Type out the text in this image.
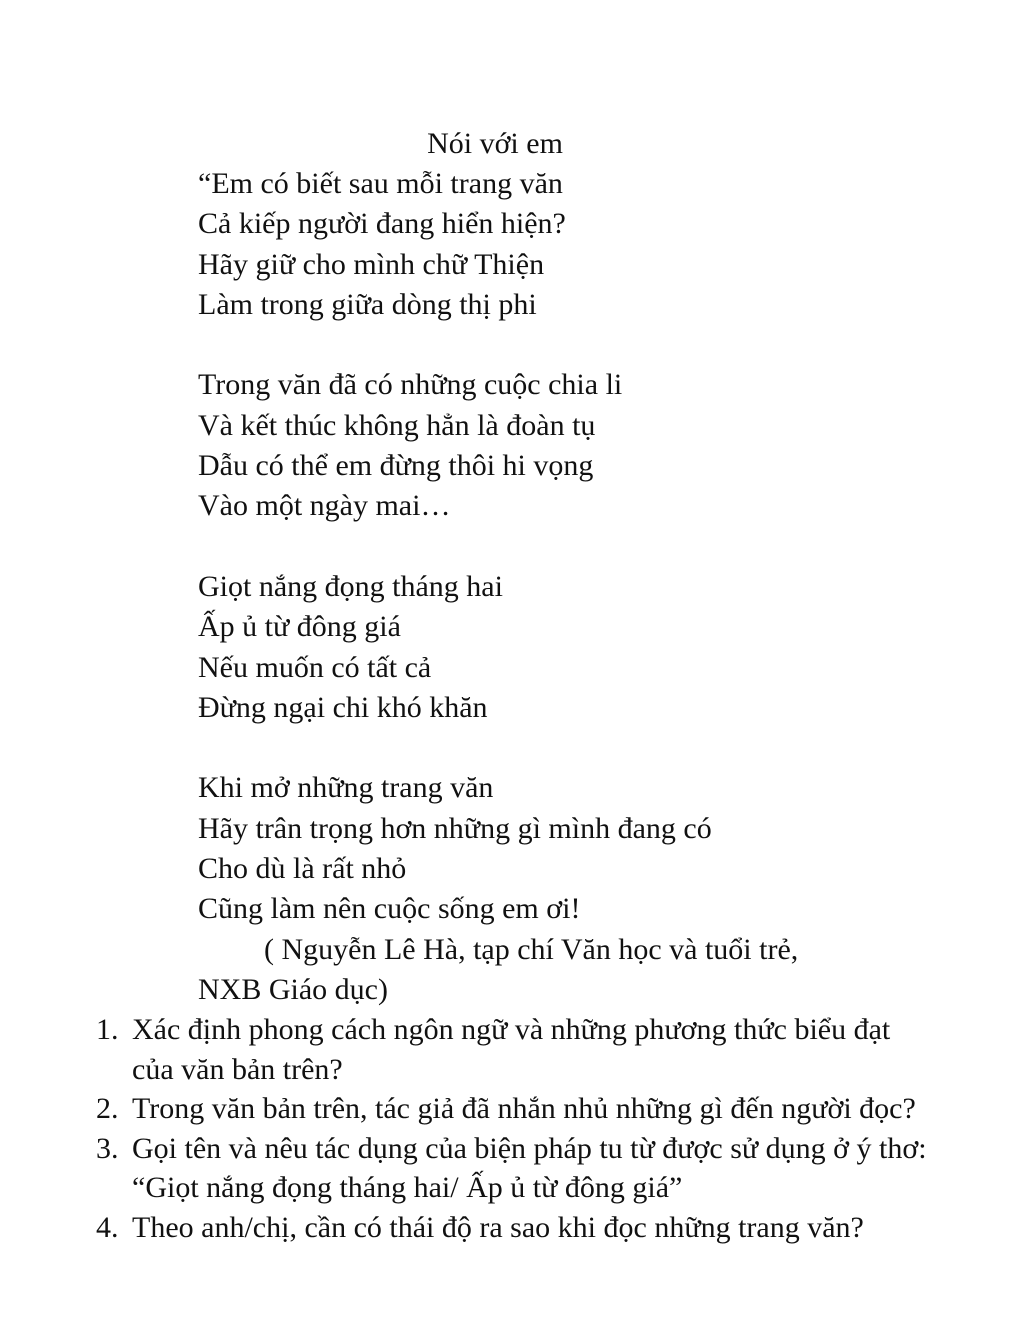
Nói với em
“Em có biết sau mỗi trang văn
Cả kiếp người đang hiển hiện?
Hãy giữ cho mình chữ Thiện
Làm trong giữa dòng thị phi
Trong văn đã có những cuộc chia li
Và kết thúc không hẳn là đoàn tụ
Dẫu có thể em đừng thôi hi vọng
Vào một ngày mai…
Giọt nắng đọng tháng hai
Ấp ủ từ đông giá
Nếu muốn có tất cả
Đừng ngại chi khó khăn
Khi mở những trang văn
Hãy trân trọng hơn những gì mình đang có
Cho dù là rất nhỏ
Cũng làm nên cuộc sống em ơi!
( Nguyễn Lê Hà, tạp chí Văn học và tuổi trẻ,
NXB Giáo dục)
1. Xác định phong cách ngôn ngữ và những phương thức biểu đạt của văn bản trên?
2. Trong văn bản trên, tác giả đã nhắn nhủ những gì đến người đọc?
3. Gọi tên và nêu tác dụng của biện pháp tu từ được sử dụng ở ý thơ: “Giọt nắng đọng tháng hai/ Ấp ủ từ đông giá”
4. Theo anh/chị, cần có thái độ ra sao khi đọc những trang văn?
